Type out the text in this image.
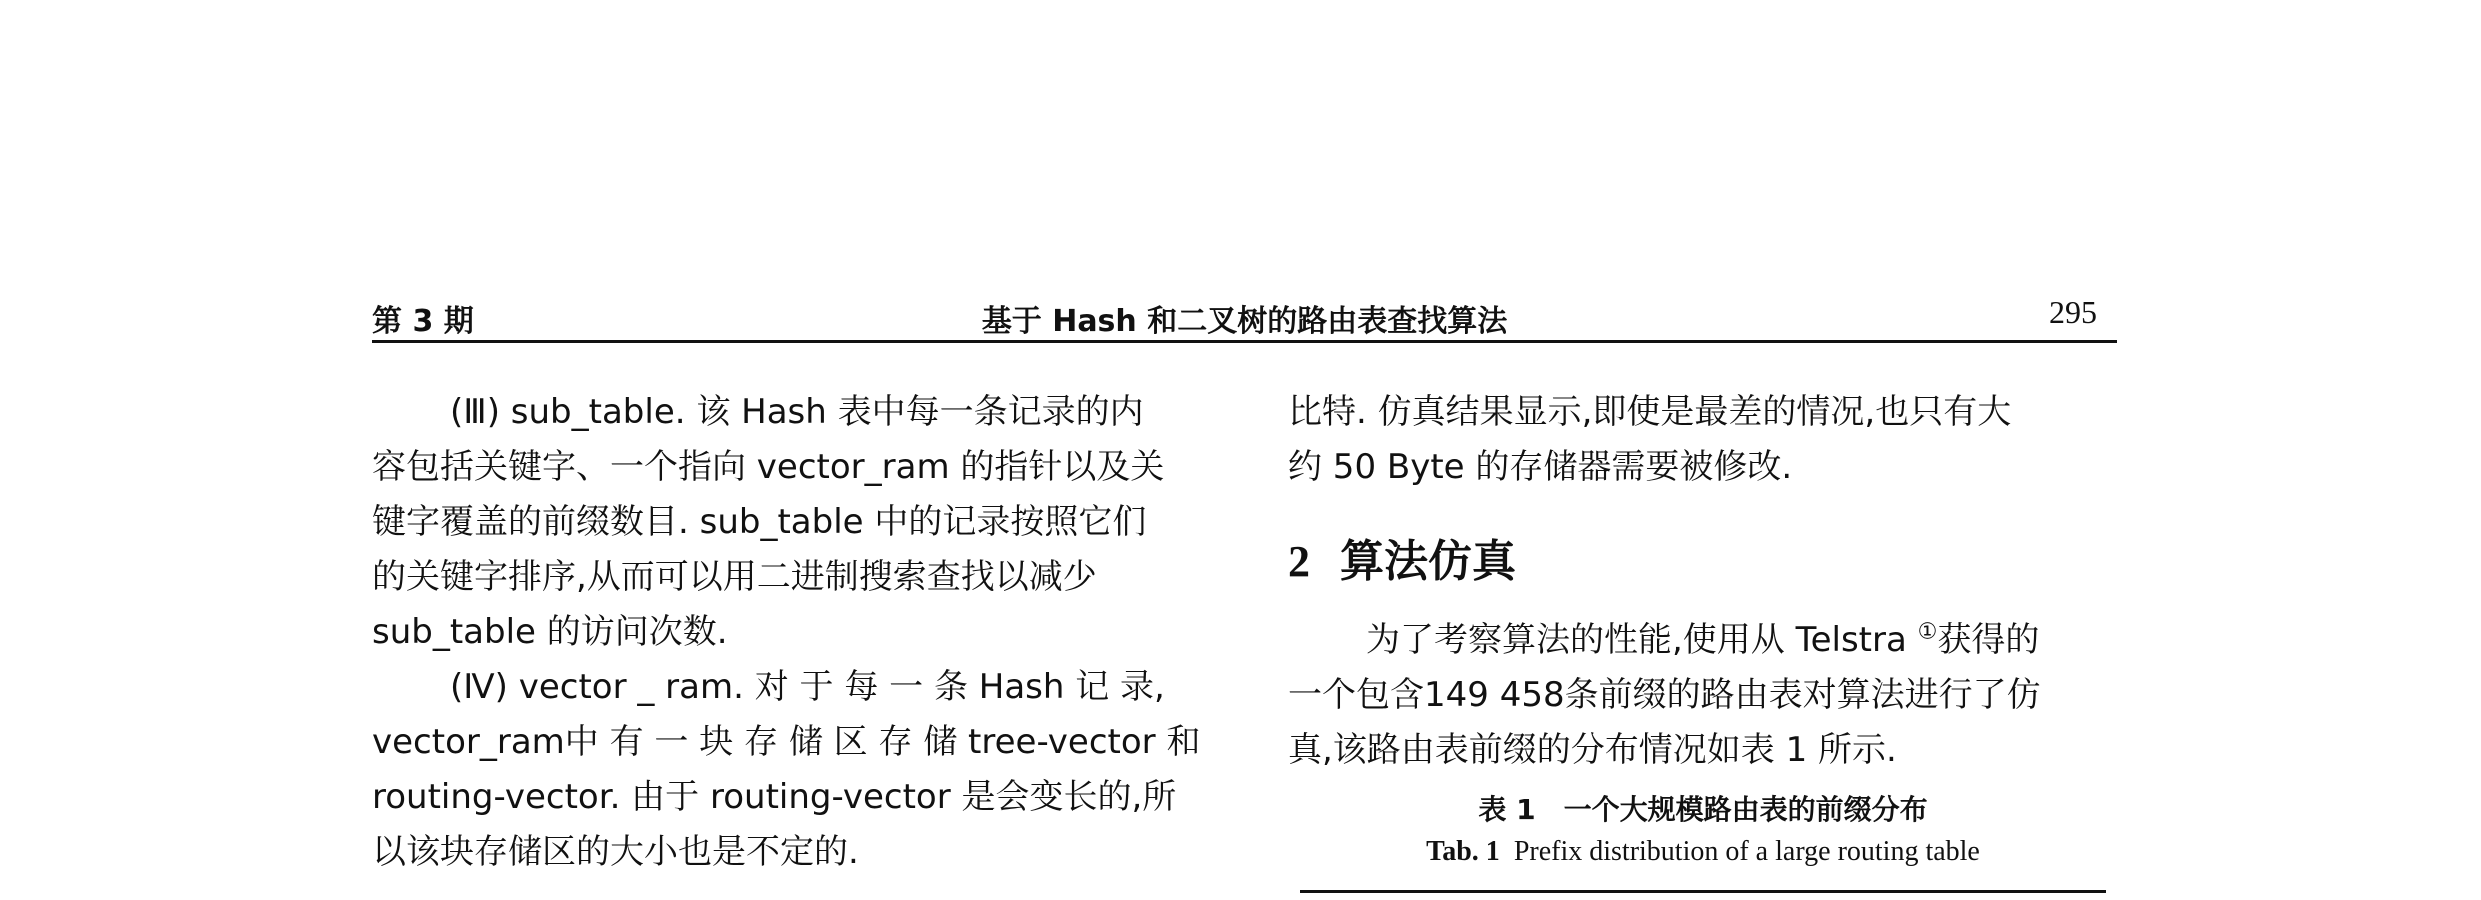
第 3 期	基于 Hash 和二叉树的路由表查找算法	295
(Ⅲ) sub_table. 该 Hash 表中每一条记录的内
容包括关键字、一个指向 vector_ram 的指针以及关
键字覆盖的前缀数目. sub_table 中的记录按照它们
的关键字排序,从而可以用二进制搜索查找以减少
sub_table 的访问次数.
(Ⅳ) vector _ ram. 对 于 每 一 条 Hash 记 录,
vector_ram中 有 一 块 存 储 区 存 储 tree-vector 和
routing-vector. 由于 routing-vector 是会变长的,所
以该块存储区的大小也是不定的.
比特. 仿真结果显示,即使是最差的情况,也只有大
约 50 Byte 的存储器需要被修改.
2 算法仿真
为了考察算法的性能,使用从 Telstra ①获得的
一个包含149 458条前缀的路由表对算法进行了仿
真,该路由表前缀的分布情况如表 1 所示.
表 1　一个大规模路由表的前缀分布
Tab. 1 Prefix distribution of a large routing table
